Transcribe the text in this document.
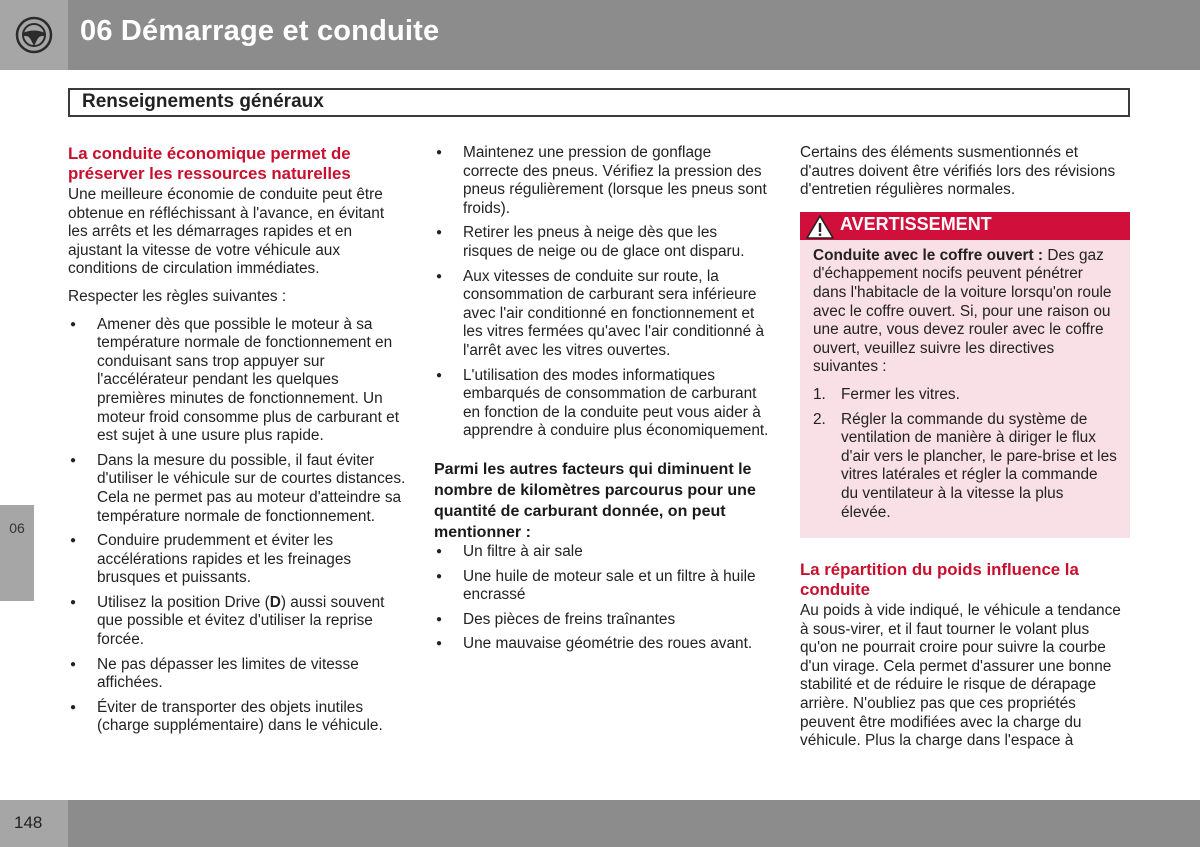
06 Démarrage et conduite
Renseignements généraux
La conduite économique permet de
préserver les ressources naturelles

Une meilleure économie de conduite peut être obtenue en réfléchissant à l'avance, en évitant les arrêts et les démarrages rapides et en ajustant la vitesse de votre véhicule aux conditions de circulation immédiates.

Respecter les règles suivantes :

● Amener dès que possible le moteur à sa température normale de fonctionnement en conduisant sans trop appuyer sur l'accélérateur pendant les quelques premières minutes de fonctionnement. Un moteur froid consomme plus de carburant et est sujet à une usure plus rapide.
● Dans la mesure du possible, il faut éviter d'utiliser le véhicule sur de courtes distances. Cela ne permet pas au moteur d'atteindre sa température normale de fonctionnement.
● Conduire prudemment et éviter les accélérations rapides et les freinages brusques et puissants.
● Utilisez la position Drive (D) aussi souvent que possible et évitez d'utiliser la reprise forcée.
● Ne pas dépasser les limites de vitesse affichées.
● Éviter de transporter des objets inutiles (charge supplémentaire) dans le véhicule.
● Maintenez une pression de gonflage correcte des pneus. Vérifiez la pression des pneus régulièrement (lorsque les pneus sont froids).
● Retirer les pneus à neige dès que les risques de neige ou de glace ont disparu.
● Aux vitesses de conduite sur route, la consommation de carburant sera inférieure avec l'air conditionné en fonctionnement et les vitres fermées qu'avec l'air conditionné à l'arrêt avec les vitres ouvertes.
● L'utilisation des modes informatiques embarqués de consommation de carburant en fonction de la conduite peut vous aider à apprendre à conduire plus économiquement.
Parmi les autres facteurs qui diminuent le nombre de kilomètres parcourus pour une quantité de carburant donnée, on peut mentionner :
● Un filtre à air sale
● Une huile de moteur sale et un filtre à huile encrassé
● Des pièces de freins traînantes
● Une mauvaise géométrie des roues avant.

Certains des éléments susmentionnés et d'autres doivent être vérifiés lors des révisions d'entretien régulières normales.

AVERTISSEMENT

Conduite avec le coffre ouvert : Des gaz d'échappement nocifs peuvent pénétrer dans l'habitacle de la voiture lorsqu'on roule avec le coffre ouvert. Si, pour une raison ou une autre, vous devez rouler avec le coffre ouvert, veuillez suivre les directives suivantes :

1. Fermer les vitres.
2. Régler la commande du système de ventilation de manière à diriger le flux d'air vers le plancher, le pare-brise et les vitres latérales et régler la commande du ventilateur à la vitesse la plus élevée.
La répartition du poids influence la conduite

Au poids à vide indiqué, le véhicule a tendance à sous-virer, et il faut tourner le volant plus qu'on ne pourrait croire pour suivre la courbe d'un virage. Cela permet d'assurer une bonne stabilité et de réduire le risque de dérapage arrière. N'oubliez pas que ces propriétés peuvent être modifiées avec la charge du véhicule. Plus la charge dans l'espace à

06
148
